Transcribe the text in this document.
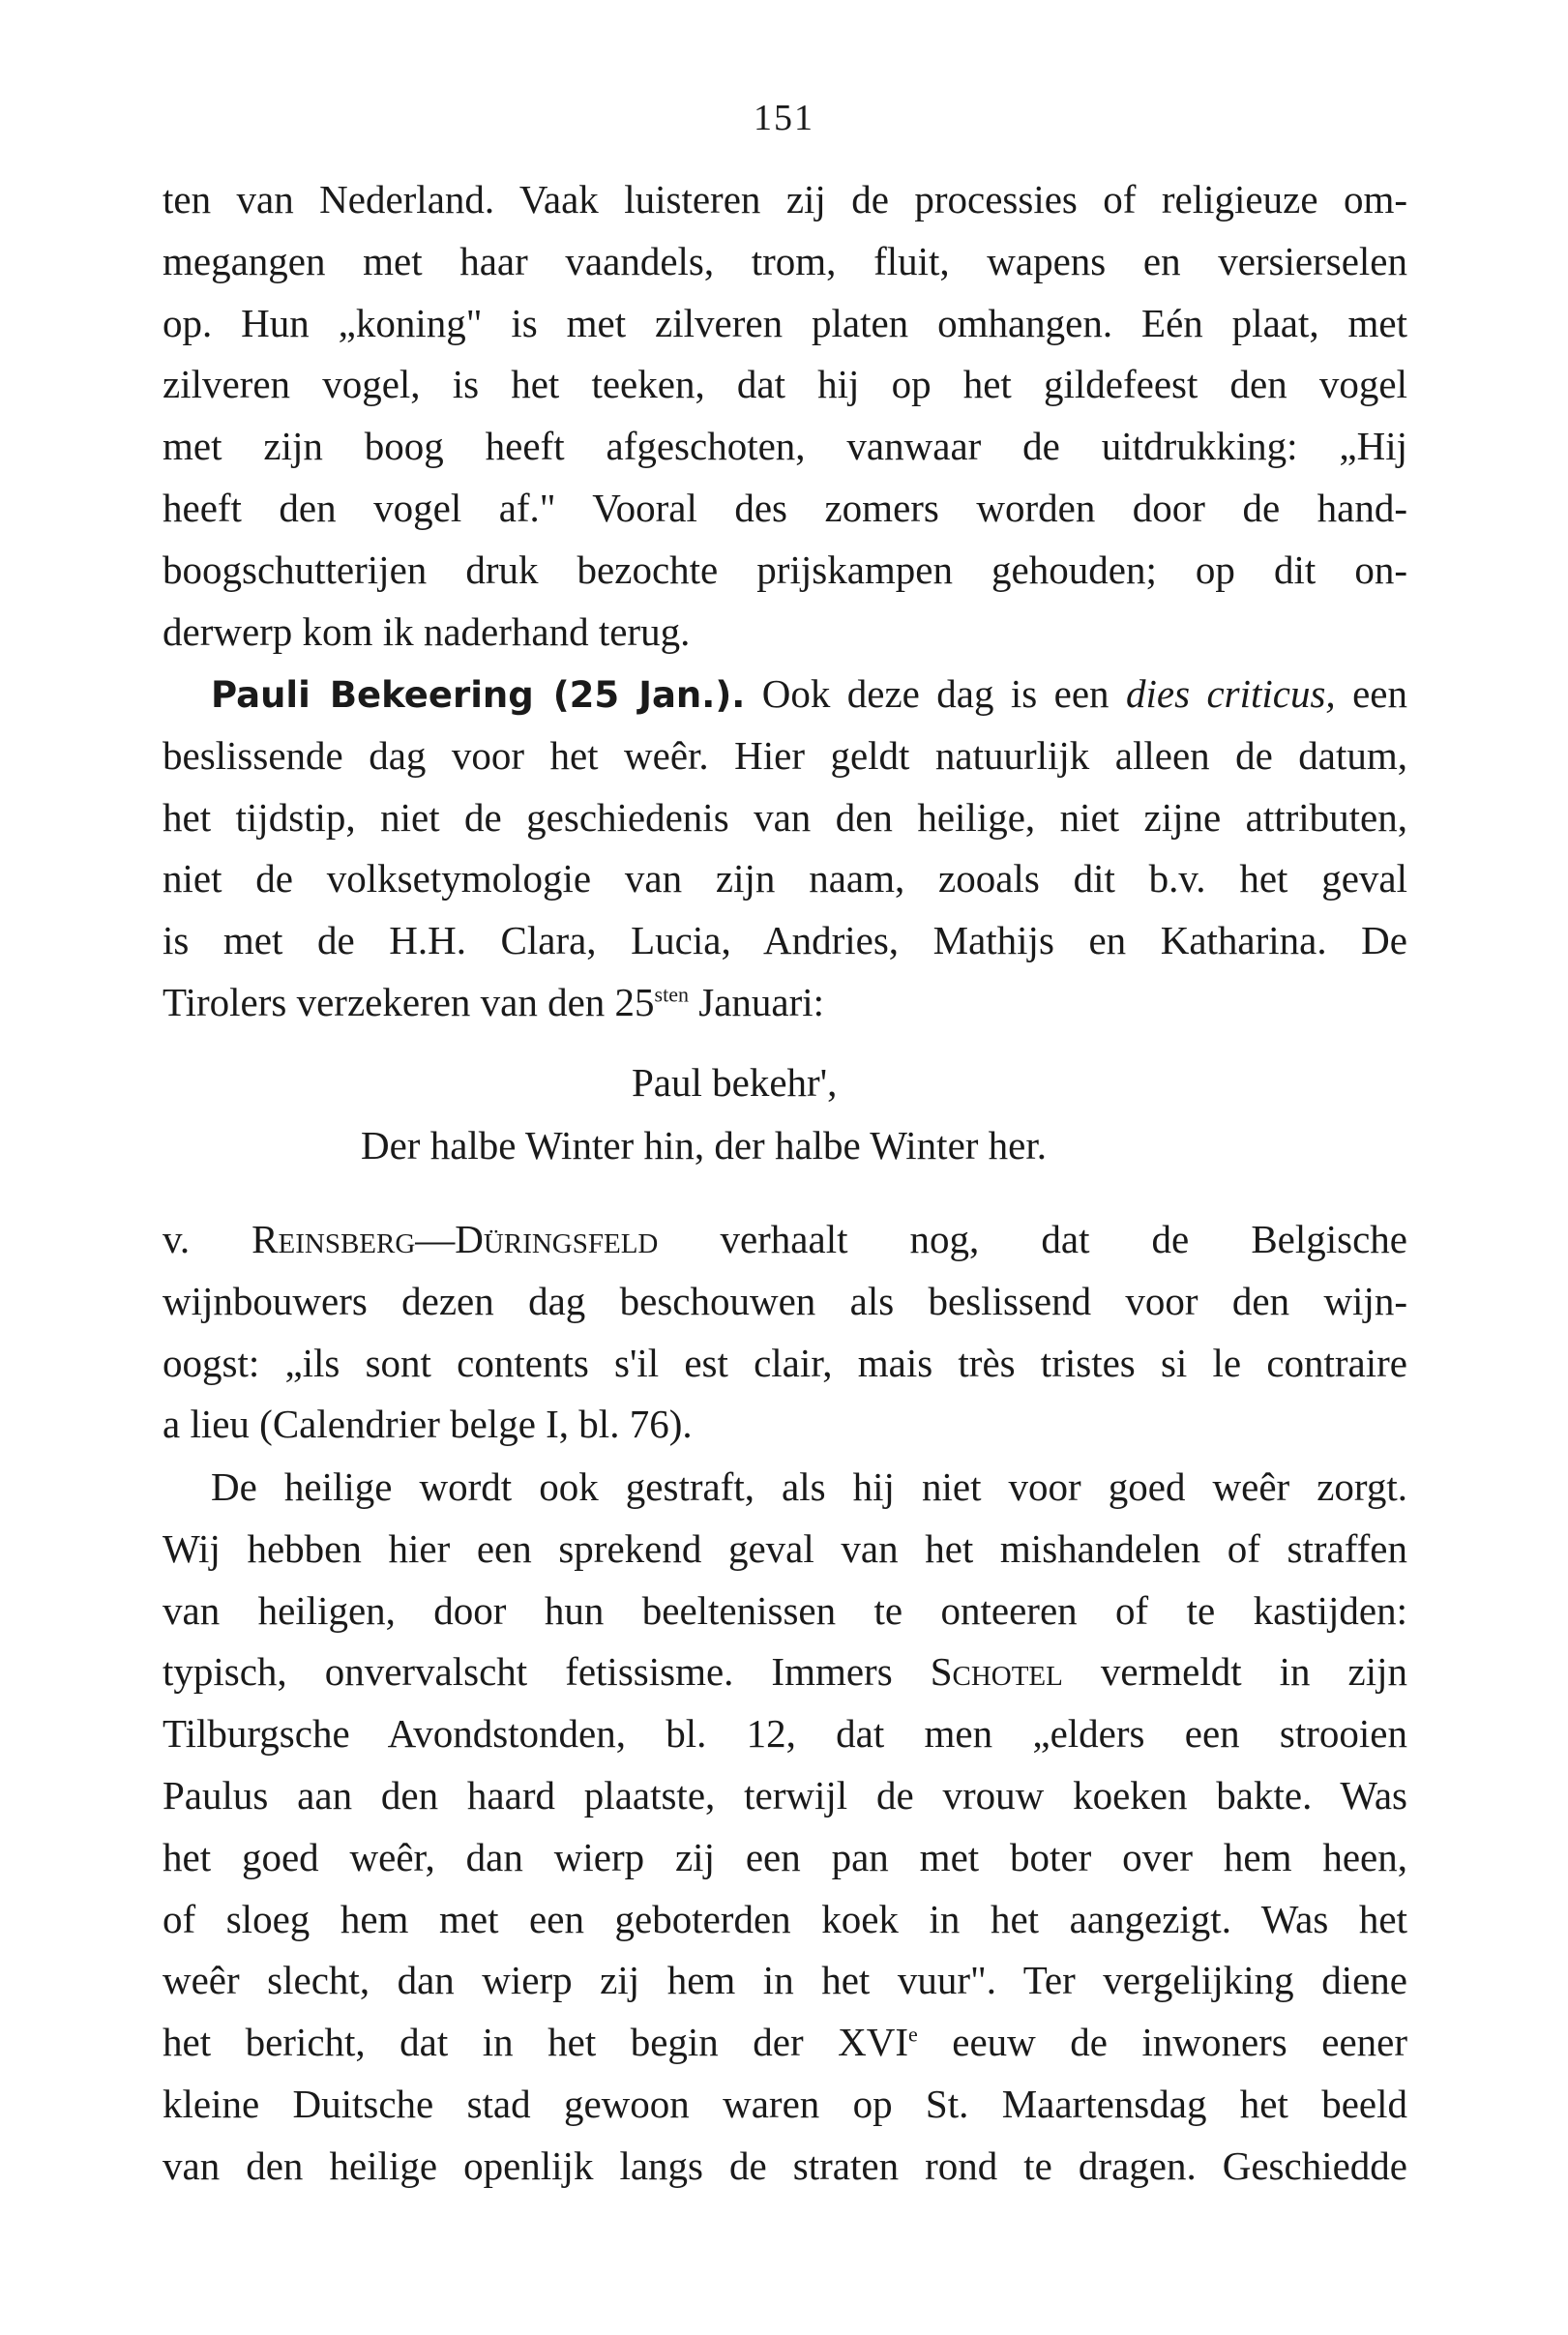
151
ten van Nederland. Vaak luisteren zij de processies of religieuze om-
megangen met haar vaandels, trom, fluit, wapens en versierselen
op. Hun „koning" is met zilveren platen omhangen. Eén plaat, met
zilveren vogel, is het teeken, dat hij op het gildefeest den vogel
met zijn boog heeft afgeschoten, vanwaar de uitdrukking: „Hij
heeft den vogel af." Vooral des zomers worden door de hand-
boogschutterijen druk bezochte prijskampen gehouden; op dit on-
derwerp kom ik naderhand terug.
Pauli Bekeering (25 Jan.). Ook deze dag is een dies criticus, een
beslissende dag voor het weêr. Hier geldt natuurlijk alleen de datum,
het tijdstip, niet de geschiedenis van den heilige, niet zijne attributen,
niet de volksetymologie van zijn naam, zooals dit b.v. het geval
is met de H.H. Clara, Lucia, Andries, Mathijs en Katharina. De
Tirolers verzekeren van den $25^{sten}$ Januari:
Paul bekehr',
Der halbe Winter hin, der halbe Winter her.
v. Reinsberg—Düringsfeld verhaalt nog, dat de Belgische
wijnbouwers dezen dag beschouwen als beslissend voor den wijn-
oogst: „ils sont contents s'il est clair, mais très tristes si le contraire
a lieu (Calendrier belge I, bl. 76).
De heilige wordt ook gestraft, als hij niet voor goed weêr zorgt.
Wij hebben hier een sprekend geval van het mishandelen of straffen
van heiligen, door hun beeltenissen te onteeren of te kastijden:
typisch, onvervalscht fetissisme. Immers Schotel vermeldt in zijn
Tilburgsche Avondstonden, bl. 12, dat men „elders een strooien
Paulus aan den haard plaatste, terwijl de vrouw koeken bakte. Was
het goed weêr, dan wierp zij een pan met boter over hem heen,
of sloeg hem met een geboterden koek in het aangezigt. Was het
weêr slecht, dan wierp zij hem in het vuur". Ter vergelijking diene
het bericht, dat in het begin der XVIe eeuw de inwoners eener
kleine Duitsche stad gewoon waren op St. Maartensdag het beeld
van den heilige openlijk langs de straten rond te dragen. Geschiedde
